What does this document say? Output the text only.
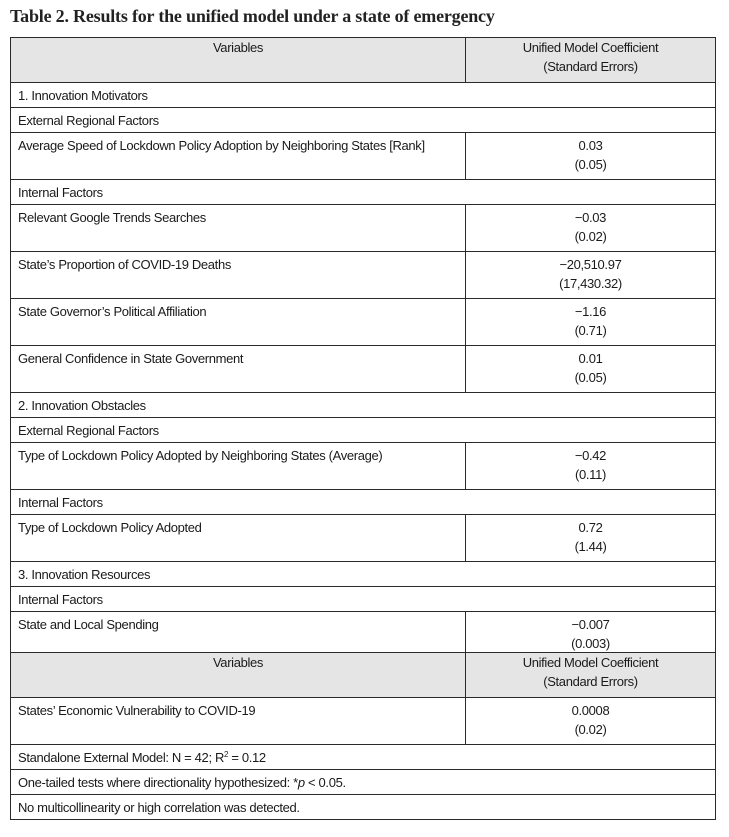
Table 2. Results for the unified model under a state of emergency
Variables	Unified Model Coefficient
(Standard Errors)

1. Innovation Motivators	
External Regional Factors	
Average Speed of Lockdown Policy Adoption by Neighboring States [Rank]	0.03
(0.05)

Internal Factors	
Relevant Google Trends Searches	−0.03
(0.02)

State’s Proportion of COVID-19 Deaths	−20,510.97
(17,430.32)

State Governor’s Political Affiliation	−1.16
(0.71)

General Confidence in State Government	0.01
(0.05)

2. Innovation Obstacles	
External Regional Factors	
Type of Lockdown Policy Adopted by Neighboring States (Average)	−0.42
(0.11)

Internal Factors	
Type of Lockdown Policy Adopted	0.72
(1.44)

3. Innovation Resources	
Internal Factors	
State and Local Spending	−0.007
(0.003)
Variables	Unified Model Coefficient
(Standard Errors)

States’ Economic Vulnerability to COVID-19	0.0008
(0.02)

Standalone External Model: N = 42; $R^2 = 0.12$	
One-tailed tests where directionality hypothesized: *p < 0.05.	
No multicollinearity or high correlation was detected.	
